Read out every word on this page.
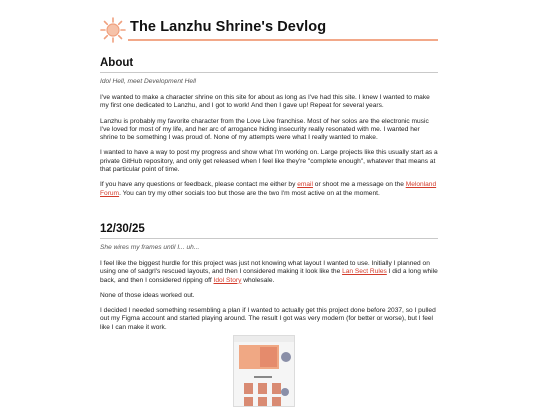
The Lanzhu Shrine's Devlog
About
Idol Hell, meet Development Hell

I've wanted to make a character shrine on this site for about as long as I've had this site. I knew I wanted to make my first one dedicated to Lanzhu, and I got to work! And then I gave up! Repeat for several years.

Lanzhu is probably my favorite character from the Love Live franchise. Most of her solos are the electronic music I've loved for most of my life, and her arc of arrogance hiding insecurity really resonated with me. I wanted her shrine to be something I was proud of. None of my attempts were what I really wanted to make.

I wanted to have a way to post my progress and show what I'm working on. Large projects like this usually start as a private GitHub repository, and only get released when I feel like they're "complete enough", whatever that means at that particular point of time.

If you have any questions or feedback, please contact me either by email or shoot me a message on the Melonland Forum. You can try my other socials too but those are the two I'm most active on at the moment.

12/30/25
She wires my frames until I... uh...

I feel like the biggest hurdle for this project was just not knowing what layout I wanted to use. Initially I planned on using one of sadgrl's rescued layouts, and then I considered making it look like the Lan Sect Rules I did a long while back, and then I considered ripping off Idol Story wholesale.

None of those ideas worked out.

I decided I needed something resembling a plan if I wanted to actually get this project done before 2037, so I pulled out my Figma account and started playing around. The result I got was very modern (for better or worse), but I feel like I can make it work.
